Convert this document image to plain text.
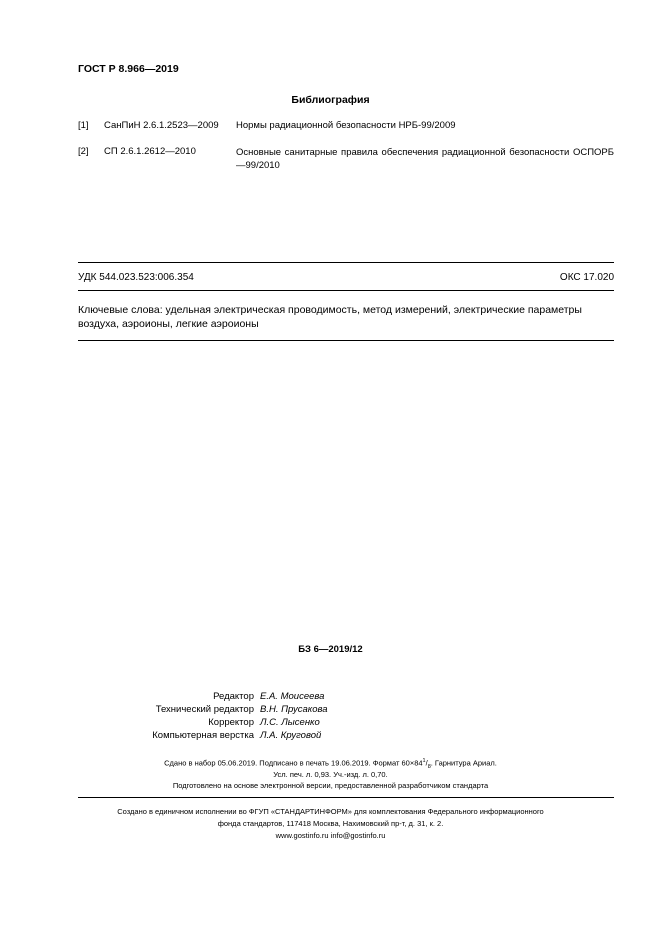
ГОСТ Р 8.966—2019
Библиография
[1] СанПиН 2.6.1.2523—2009 Нормы радиационной безопасности НРБ-99/2009
[2] СП 2.6.1.2612—2010	Основные санитарные правила обеспечения радиационной безопасности ОСПОРБ—99/2010
УДК 544.023.523:006.354	ОКС 17.020
Ключевые слова: удельная электрическая проводимость, метод измерений, электрические параметры воздуха, аэроионы, легкие аэроионы
БЗ 6—2019/12
Редактор Е.А. Моисеева
Технический редактор В.Н. Прусакова
Корректор Л.С. Лысенко
Компьютерная верстка Л.А. Круговой
Сдано в набор 05.06.2019. Подписано в печать 19.06.2019. Формат $60\times 84^1/_8$. Гарнитура Ариал.
Усл. печ. л. 0,93. Уч.-изд. л. 0,70.
Подготовлено на основе электронной версии, предоставленной разработчиком стандарта
Создано в единичном исполнении во ФГУП «СТАНДАРТИНФОРМ» для комплектования Федерального информационного
фонда стандартов, 117418 Москва, Нахимовский пр-т, д. 31, к. 2.
www.gostinfo.ru info@gostinfo.ru
